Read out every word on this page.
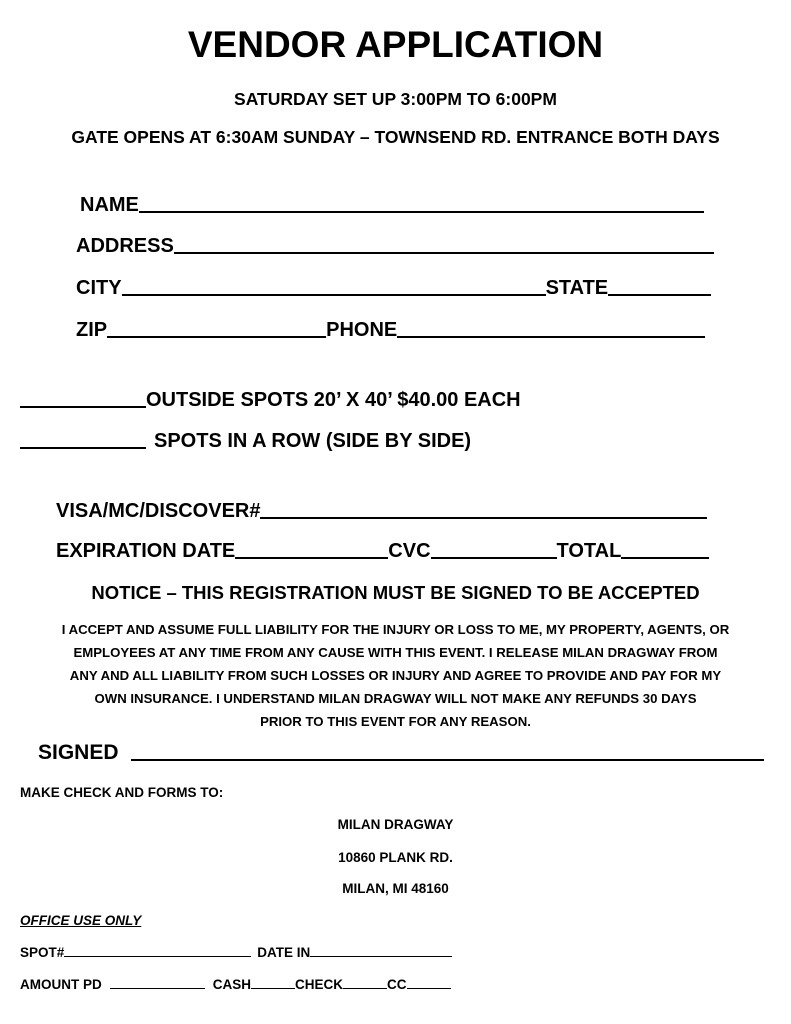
VENDOR APPLICATION
SATURDAY SET UP 3:00PM TO 6:00PM
GATE OPENS AT 6:30AM SUNDAY – TOWNSEND RD. ENTRANCE BOTH DAYS
NAME
ADDRESS
CITY	STATE
ZIP	PHONE
OUTSIDE SPOTS 20’ X 40’ $40.00 EACH
SPOTS IN A ROW (SIDE BY SIDE)
VISA/MC/DISCOVER#
EXPIRATION DATE	CVC	TOTAL
NOTICE – THIS REGISTRATION MUST BE SIGNED TO BE ACCEPTED
I ACCEPT AND ASSUME FULL LIABILITY FOR THE INJURY OR LOSS TO ME, MY PROPERTY, AGENTS, OR
EMPLOYEES AT ANY TIME FROM ANY CAUSE WITH THIS EVENT. I RELEASE MILAN DRAGWAY FROM
ANY AND ALL LIABILITY FROM SUCH LOSSES OR INJURY AND AGREE TO PROVIDE AND PAY FOR MY
OWN INSURANCE. I UNDERSTAND MILAN DRAGWAY WILL NOT MAKE ANY REFUNDS 30 DAYS
PRIOR TO THIS EVENT FOR ANY REASON.
SIGNED
MAKE CHECK AND FORMS TO:
MILAN DRAGWAY
10860 PLANK RD.
MILAN, MI 48160
OFFICE USE ONLY
SPOT#	DATE IN
AMOUNT PD	CASH	CHECK	CC
